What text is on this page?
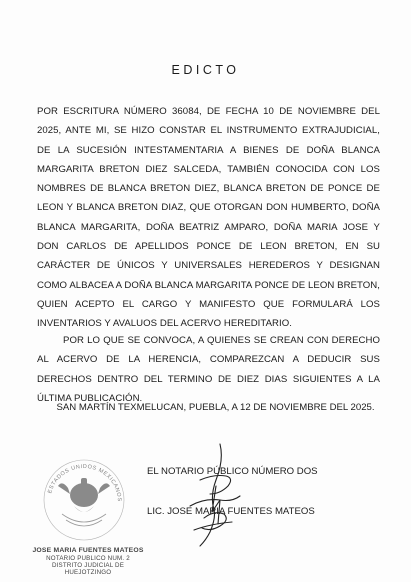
EDICTO
POR ESCRITURA NÚMERO 36084, DE FECHA 10 DE NOVIEMBRE DEL 2025, ANTE MI, SE HIZO CONSTAR EL INSTRUMENTO EXTRAJUDICIAL, DE LA SUCESIÓN INTESTAMENTARIA A BIENES DE DOÑA BLANCA MARGARITA BRETON DIEZ SALCEDA, TAMBIÉN CONOCIDA CON LOS NOMBRES DE BLANCA BRETON DIEZ, BLANCA BRETON DE PONCE DE LEON Y BLANCA BRETON DIAZ, QUE OTORGAN DON HUMBERTO, DOÑA BLANCA MARGARITA, DOÑA BEATRIZ AMPARO, DOÑA MARIA JOSE Y DON CARLOS DE APELLIDOS PONCE DE LEON BRETON, EN SU CARÁCTER DE ÚNICOS Y UNIVERSALES HEREDEROS Y DESIGNAN COMO ALBACEA A DOÑA BLANCA MARGARITA PONCE DE LEON BRETON, QUIEN ACEPTO EL CARGO Y MANIFESTO QUE FORMULARÁ LOS INVENTARIOS Y AVALUOS DEL ACERVO HEREDITARIO.
POR LO QUE SE CONVOCA, A QUIENES SE CREAN CON DERECHO AL ACERVO DE LA HERENCIA, COMPAREZCAN A DEDUCIR SUS DERECHOS DENTRO DEL TERMINO DE DIEZ DIAS SIGUIENTES A LA ÚLTIMA PUBLICACIÓN.
SAN MARTÍN TEXMELUCAN, PUEBLA, A 12 DE NOVIEMBRE DEL 2025.
ESTADOS UNIDOS MEXICANOS
JOSE MARIA FUENTES MATEOS
NOTARIO PUBLICO NUM. 2
DISTRITO JUDICIAL DE HUEJOTZINGO
EL NOTARIO PÚBLICO NÚMERO DOS
LIC. JOSE MARIA FUENTES MATEOS
